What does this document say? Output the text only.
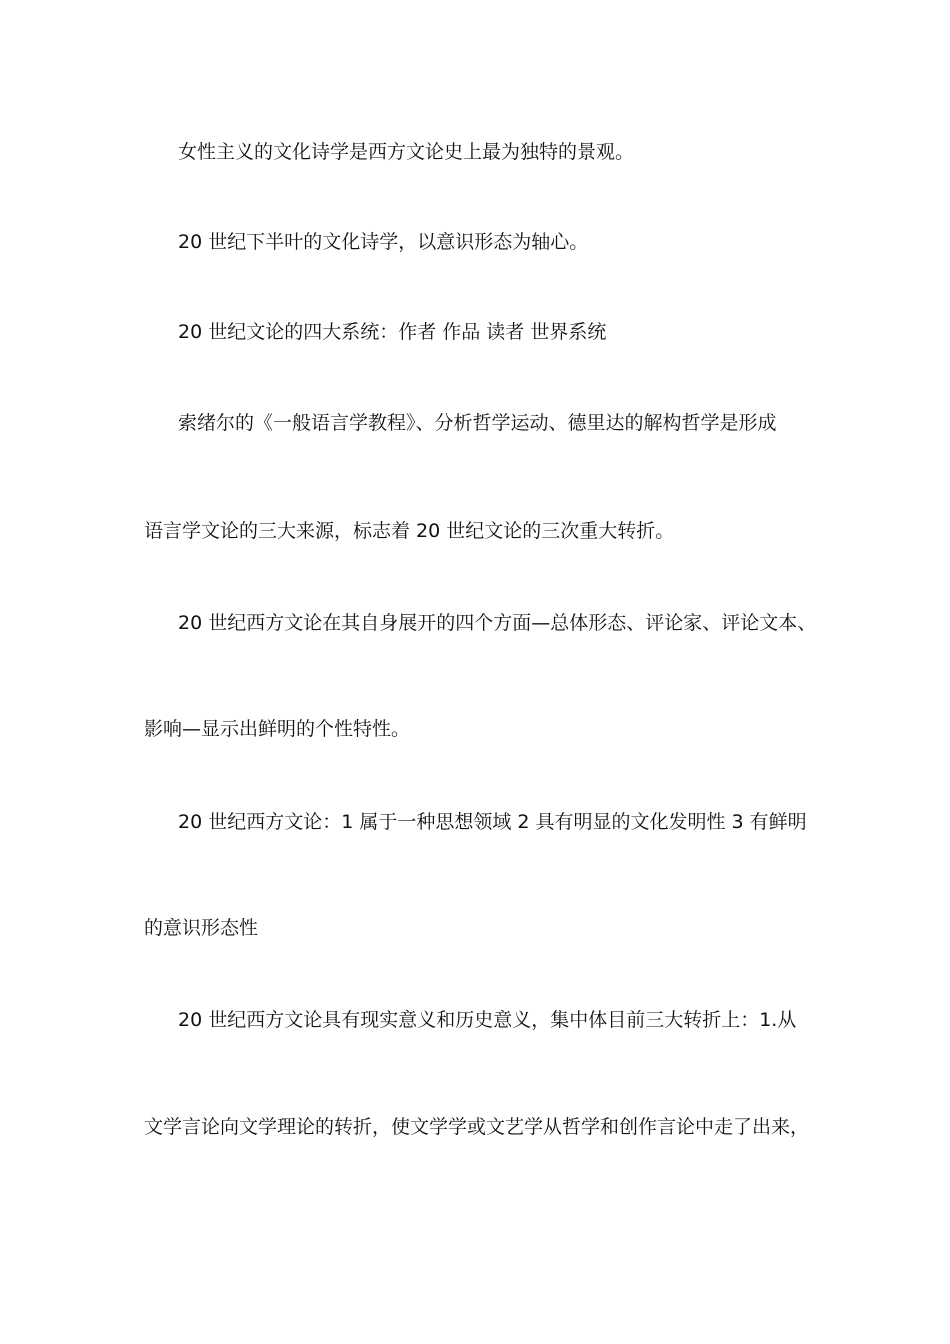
女性主义的文化诗学是西方文论史上最为独特的景观。
20 世纪下半叶的文化诗学，以意识形态为轴心。
20 世纪文论的四大系统：作者 作品 读者 世界系统
索绪尔的《一般语言学教程》、分析哲学运动、德里达的解构哲学是形成
语言学文论的三大来源，标志着 20 世纪文论的三次重大转折。
20 世纪西方文论在其自身展开的四个方面—总体形态、评论家、评论文本、
影响—显示出鲜明的个性特性。
20 世纪西方文论：1 属于一种思想领域 2 具有明显的文化发明性 3 有鲜明
的意识形态性
20 世纪西方文论具有现实意义和历史意义，集中体目前三大转折上：1.从
文学言论向文学理论的转折，使文学学或文艺学从哲学和创作言论中走了出来，
